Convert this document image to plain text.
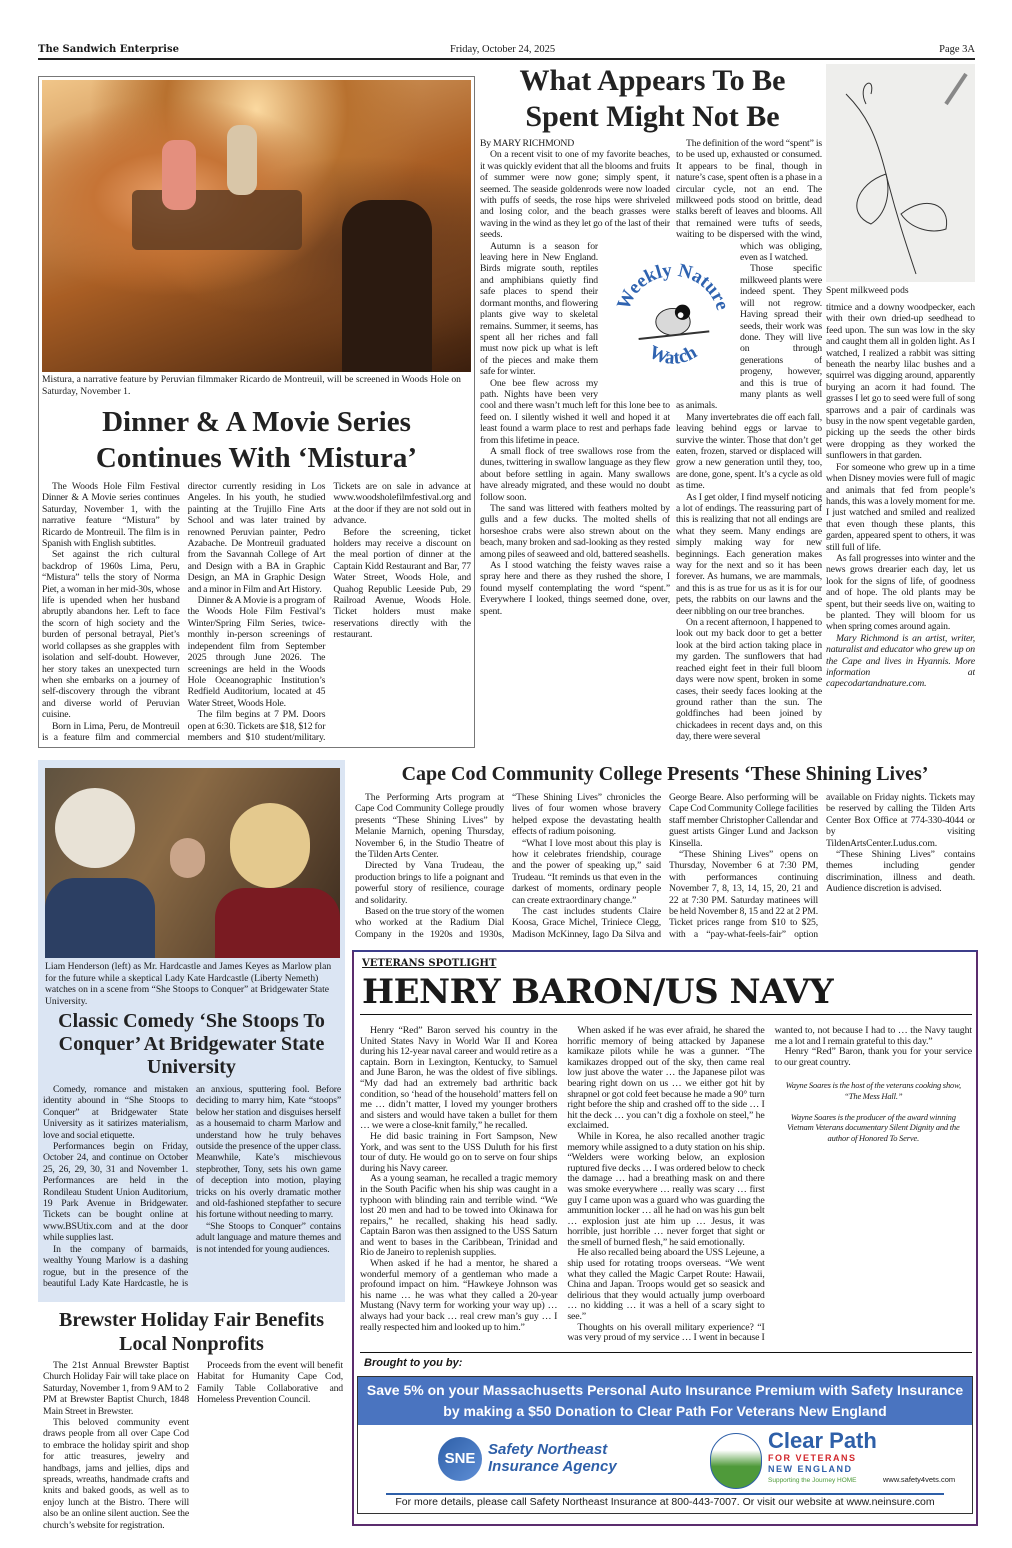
The Sandwich Enterprise	Friday, October 24, 2025	Page 3A
Mistura, a narrative feature by Peruvian filmmaker Ricardo de Montreuil, will be screened in Woods Hole on Saturday, November 1.
Dinner & A Movie Series Continues With ‘Mistura’

The Woods Hole Film Festival Dinner & A Movie series continues Saturday, November 1, with the narrative feature “Mistura” by Ricardo de Montreuil. The film is in Spanish with English subtitles.

Set against the rich cultural backdrop of 1960s Lima, Peru, “Mistura” tells the story of Norma Piet, a woman in her mid-30s, whose life is upended when her husband abruptly abandons her. Left to face the scorn of high society and the burden of personal betrayal, Piet’s world collapses as she grapples with isolation and self-doubt. However, her story takes an unexpected turn when she embarks on a journey of self-discovery through the vibrant and diverse world of Peruvian cuisine.

Born in Lima, Peru, de Montreuil is a feature film and commercial director currently residing in Los Angeles. In his youth, he studied painting at the Trujillo Fine Arts School and was later trained by renowned Peruvian painter, Pedro Azabache. De Montreuil graduated from the Savannah College of Art and Design with a BA in Graphic Design, an MA in Graphic Design and a minor in Film and Art History.

Dinner & A Movie is a program of the Woods Hole Film Festival’s Winter/Spring Film Series, twice-monthly in-person screenings of independent film from September 2025 through June 2026. The screenings are held in the Woods Hole Oceanographic Institution’s Redfield Auditorium, located at 45 Water Street, Woods Hole.

The film begins at 7 PM. Doors open at 6:30. Tickets are $18, $12 for members and $10 student/military. Tickets are on sale in advance at www.woodsholefilmfestival.org and at the door if they are not sold out in advance.

Before the screening, ticket holders may receive a discount on the meal portion of dinner at the Captain Kidd Restaurant and Bar, 77 Water Street, Woods Hole, and Quahog Republic Leeside Pub, 29 Railroad Avenue, Woods Hole. Ticket holders must make reservations directly with the restaurant.

What Appears To Be Spent Might Not Be
By MARY RICHMOND

On a recent visit to one of my favorite beaches, it was quickly evident that all the blooms and fruits of summer were now gone; simply spent, it seemed. The seaside goldenrods were now loaded with puffs of seeds, the rose hips were shriveled and losing color, and the beach grasses were waving in the wind as they let go of the last of their seeds.

Autumn is a season for leaving here in New England. Birds migrate south, reptiles and amphibians quietly find safe places to spend their dormant months, and flowering plants give way to skeletal remains. Summer, it seems, has spent all her riches and fall must now pick up what is left of the pieces and make them safe for winter.

One bee flew across my path. Nights have been very cool and there wasn’t much left for this lone bee to feed on. I silently wished it well and hoped it at least found a warm place to rest and perhaps fade from this lifetime in peace.

A small flock of tree swallows rose from the dunes, twittering in swallow language as they flew about before settling in again. Many swallows have already migrated, and these would no doubt follow soon.

The sand was littered with feathers molted by gulls and a few ducks. The molted shells of horseshoe crabs were also strewn about on the beach, many broken and sad-looking as they rested among piles of seaweed and old, battered seashells.

As I stood watching the feisty waves raise a spray here and there as they rushed the shore, I found myself contemplating the word “spent.” Everywhere I looked, things seemed done, over, spent.

The definition of the word “spent” is to be used up, exhausted or consumed. It appears to be final, though in nature’s case, spent often is a phase in a circular cycle, not an end. The milkweed pods stood on brittle, dead stalks bereft of leaves and blooms. All that remained were tufts of seeds, waiting to be dispersed with the wind, which was obliging, even as I watched.

Those specific milkweed plants were indeed spent. They will not regrow. Having spread their seeds, their work was done. They will live on through generations of progeny, however, and this is true of many plants as well as animals.

Many invertebrates die off each fall, leaving behind eggs or larvae to survive the winter. Those that don’t get eaten, frozen, starved or displaced will grow a new generation until they, too, are done, gone, spent. It’s a cycle as old as time.

As I get older, I find myself noticing a lot of endings. The reassuring part of this is realizing that not all endings are what they seem. Many endings are simply making way for new beginnings. Each generation makes way for the next and so it has been forever. As humans, we are mammals, and this is as true for us as it is for our pets, the rabbits on our lawns and the deer nibbling on our tree branches.

On a recent afternoon, I happened to look out my back door to get a better look at the bird action taking place in my garden. The sunflowers that had reached eight feet in their full bloom days were now spent, broken in some cases, their seedy faces looking at the ground rather than the sun. The goldfinches had been joined by chickadees in recent days and, on this day, there were several

Weekly Nature
Watch
Spent milkweed pods

titmice and a downy woodpecker, each with their own dried-up seedhead to feed upon. The sun was low in the sky and caught them all in golden light. As I watched, I realized a rabbit was sitting beneath the nearby lilac bushes and a squirrel was digging around, apparently burying an acorn it had found. The grasses I let go to seed were full of song sparrows and a pair of cardinals was busy in the now spent vegetable garden, picking up the seeds the other birds were dropping as they worked the sunflowers in that garden.

For someone who grew up in a time when Disney movies were full of magic and animals that fed from people’s hands, this was a lovely moment for me. I just watched and smiled and realized that even though these plants, this garden, appeared spent to others, it was still full of life.

As fall progresses into winter and the news grows drearier each day, let us look for the signs of life, of goodness and of hope. The old plants may be spent, but their seeds live on, waiting to be planted. They will bloom for us when spring comes around again.

Mary Richmond is an artist, writer, naturalist and educator who grew up on the Cape and lives in Hyannis. More information at capecodartandnature.com.

Liam Henderson (left) as Mr. Hardcastle and James Keyes as Marlow plan for the future while a skeptical Lady Kate Hardcastle (Liberty Nemeth) watches on in a scene from “She Stoops to Conquer” at Bridgewater State University.
Classic Comedy ‘She Stoops To Conquer’ At Bridgewater State University

Comedy, romance and mistaken identity abound in “She Stoops to Conquer” at Bridgewater State University as it satirizes materialism, love and social etiquette.

Performances begin on Friday, October 24, and continue on October 25, 26, 29, 30, 31 and November 1. Performances are held in the Rondileau Student Union Auditorium, 19 Park Avenue in Bridgewater. Tickets can be bought online at www.BSUtix.com and at the door while supplies last.

In the company of barmaids, wealthy Young Marlow is a dashing rogue, but in the presence of the beautiful Lady Kate Hardcastle, he is an anxious, sputtering fool. Before deciding to marry him, Kate “stoops” below her station and disguises herself as a housemaid to charm Marlow and understand how he truly behaves outside the presence of the upper class. Meanwhile, Kate’s mischievous stepbrother, Tony, sets his own game of deception into motion, playing tricks on his overly dramatic mother and old-fashioned stepfather to secure his fortune without needing to marry.

“She Stoops to Conquer” contains adult language and mature themes and is not intended for young audiences.

Cape Cod Community College Presents ‘These Shining Lives’

The Performing Arts program at Cape Cod Community College proudly presents “These Shining Lives” by Melanie Marnich, opening Thursday, November 6, in the Studio Theatre of the Tilden Arts Center.

Directed by Vana Trudeau, the production brings to life a poignant and powerful story of resilience, courage and solidarity.

Based on the true story of the women who worked at the Radium Dial Company in the 1920s and 1930s, “These Shining Lives” chronicles the lives of four women whose bravery helped expose the devastating health effects of radium poisoning.

“What I love most about this play is how it celebrates friendship, courage and the power of speaking up,” said Trudeau. “It reminds us that even in the darkest of moments, ordinary people can create extraordinary change.”

The cast includes students Claire Koosa, Grace Michel, Triniece Clegg, Madison McKinney, Iago Da Silva and George Beare. Also performing will be Cape Cod Community College facilities staff member Christopher Callendar and guest artists Ginger Lund and Jackson Kinsella.

“These Shining Lives” opens on Thursday, November 6 at 7:30 PM, with performances continuing November 7, 8, 13, 14, 15, 20, 21 and 22 at 7:30 PM. Saturday matinees will be held November 8, 15 and 22 at 2 PM. Ticket prices range from $10 to $25, with a “pay-what-feels-fair” option available on Friday nights. Tickets may be reserved by calling the Tilden Arts Center Box Office at 774-330-4044 or by visiting TildenArtsCenter.Ludus.com.

“These Shining Lives” contains themes including gender discrimination, illness and death. Audience discretion is advised.

VETERANS SPOTLIGHT
HENRY BARON/US NAVY

Henry “Red” Baron served his country in the United States Navy in World War II and Korea during his 12-year naval career and would retire as a captain. Born in Lexington, Kentucky, to Samuel and June Baron, he was the oldest of five siblings. “My dad had an extremely bad arthritic back condition, so ‘head of the household’ matters fell on me … didn’t matter, I loved my younger brothers and sisters and would have taken a bullet for them … we were a close-knit family,” he recalled.

He did basic training in Fort Sampson, New York, and was sent to the USS Duluth for his first tour of duty. He would go on to serve on four ships during his Navy career.

As a young seaman, he recalled a tragic memory in the South Pacific when his ship was caught in a typhoon with blinding rain and terrible wind. “We lost 20 men and had to be towed into Okinawa for repairs,” he recalled, shaking his head sadly. Captain Baron was then assigned to the USS Saturn and went to bases in the Caribbean, Trinidad and Rio de Janeiro to replenish supplies.

When asked if he had a mentor, he shared a wonderful memory of a gentleman who made a profound impact on him. “Hawkeye Johnson was his name … he was what they called a 20-year Mustang (Navy term for working your way up) … always had your back … real crew man’s guy … I really respected him and looked up to him.”

When asked if he was ever afraid, he shared the horrific memory of being attacked by Japanese kamikaze pilots while he was a gunner. “The kamikazes dropped out of the sky, then came real low just above the water … the Japanese pilot was bearing right down on us … we either got hit by shrapnel or got cold feet because he made a 90° turn right before the ship and crashed off to the side … I hit the deck … you can’t dig a foxhole on steel,” he exclaimed.

While in Korea, he also recalled another tragic memory while assigned to a duty station on his ship. “Welders were working below, an explosion ruptured five decks … I was ordered below to check the damage … had a breathing mask on and there was smoke everywhere … really was scary … first guy I came upon was a guard who was guarding the ammunition locker … all he had on was his gun belt … explosion just ate him up … Jesus, it was horrible, just horrible … never forget that sight or the smell of burned flesh,” he said emotionally.

He also recalled being aboard the USS Lejeune, a ship used for rotating troops overseas. “We went what they called the Magic Carpet Route: Hawaii, China and Japan. Troops would get so seasick and delirious that they would actually jump overboard … no kidding … it was a hell of a scary sight to see.”

Thoughts on his overall military experience? “I was very proud of my service … I went in because I wanted to, not because I had to … the Navy taught me a lot and I remain grateful to this day.”

Henry “Red” Baron, thank you for your service to our great country.

Wayne Soares is the host of the veterans cooking show, “The Mess Hall.”

Wayne Soares is the producer of the award winning Vietnam Veterans documentary Silent Dignity and the author of Honored To Serve.

Brought to you by:
Save 5% on your Massachusetts Personal Auto Insurance Premium with Safety Insurance
by making a $50 Donation to Clear Path For Veterans New England
SNE
Safety Northeast
Insurance Agency
Clear Path
FOR VETERANS
NEW ENGLAND
Supporting the Journey HOME	www.safety4vets.com
For more details, please call Safety Northeast Insurance at 800-443-7007. Or visit our website at www.neinsure.com
Brewster Holiday Fair Benefits Local Nonprofits

The 21st Annual Brewster Baptist Church Holiday Fair will take place on Saturday, November 1, from 9 AM to 2 PM at Brewster Baptist Church, 1848 Main Street in Brewster.

This beloved community event draws people from all over Cape Cod to embrace the holiday spirit and shop for attic treasures, jewelry and handbags, jams and jellies, dips and spreads, wreaths, handmade crafts and knits and baked goods, as well as to enjoy lunch at the Bistro. There will also be an online silent auction. See the church’s website for registration.

Proceeds from the event will benefit Habitat for Humanity Cape Cod, Family Table Collaborative and Homeless Prevention Council.
